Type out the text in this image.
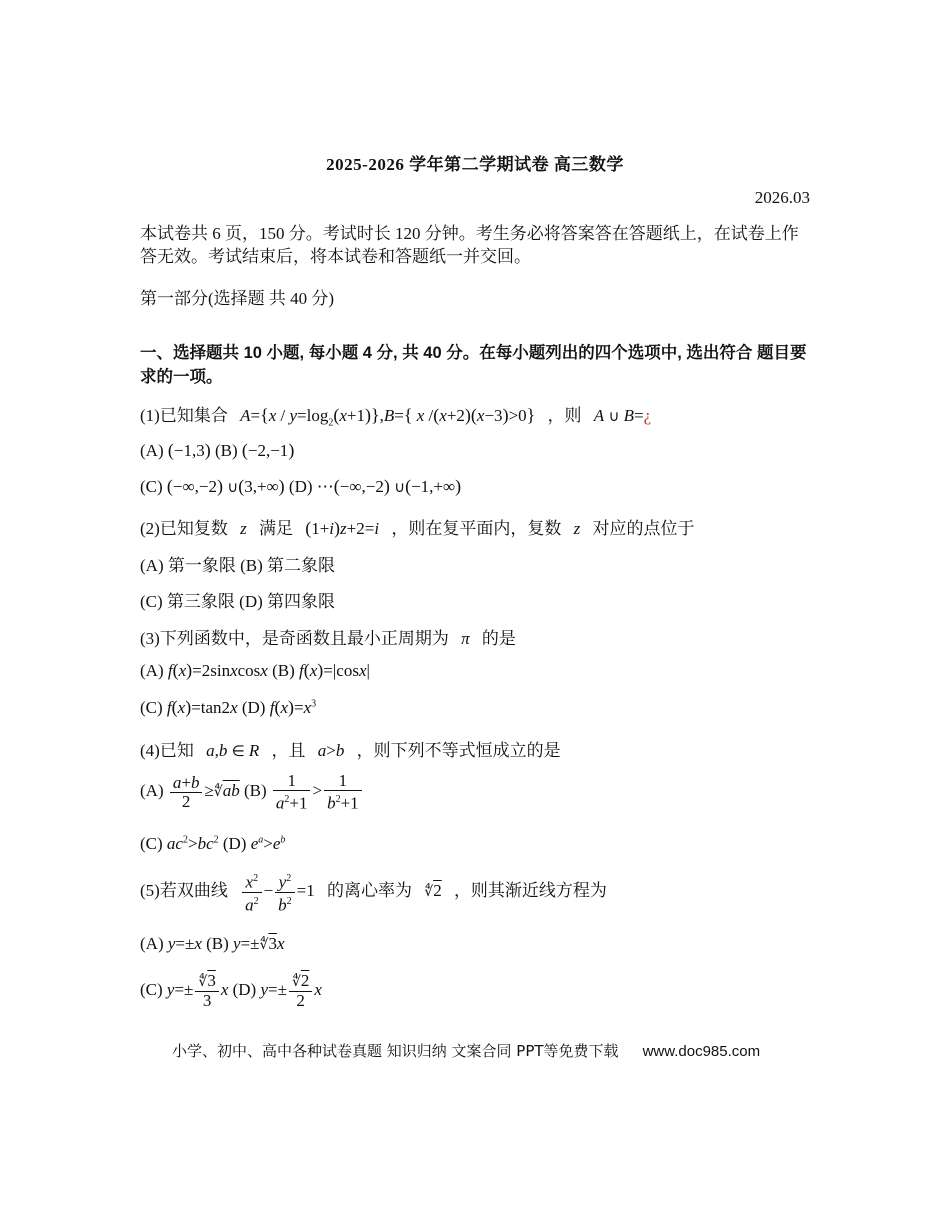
2025-2026 学年第二学期试卷 高三数学
2026.03
本试卷共 6 页，150 分。考试时长 120 分钟。考生务必将答案答在答题纸上，在试卷上作答无效。考试结束后，将本试卷和答题纸一并交回。
第一部分(选择题 共 40 分)
一、选择题共 10 小题, 每小题 4 分, 共 40 分。在每小题列出的四个选项中, 选出符合 题目要求的一项。
(1)已知集合 $A=\{x / y=\log_2(x+1)\},B=${ x /(x+2)(x−3)>0} ，则 A ∪ B=¿
(A) (−1,3) (B) (−2,−1)
(C) (−∞,−2) ∪(3,+∞) (D) ⋯(−∞,−2) ∪(−1,+∞)
(2)已知复数 z 满足 (1+i)z+2=i ，则在复平面内，复数 z 对应的点位于
(A) 第一象限 (B) 第二象限
(C) 第三象限 (D) 第四象限
(3)下列函数中，是奇函数且最小正周期为 π 的是
(A) f(x)=2sinxcosx (B) f(x)=|cosx|
(C) f(x)=tan2x (D) $f(x)=x^3$
(4)已知 a,b ∈ R ，且 a>b ，则下列不等式恒成立的是
$(A) \frac{a+b}{2}$ $\ge∜\overline{ab}$ $(B) \frac{1}{a^2+1} > \frac{1}{b^2+1}$
(C) $ac^2>bc^2$ (D) $e^a>e^b$
(5)若双曲线 $\frac{x^2}{a^2} - \frac{y^2}{b^2} =1$ 的离心率为 ∜2 ，则其渐近线方程为
(A) y=±x (B) y=±∜3x
(C) $y=\pm \frac{∜3}{3}$ x (D) $y=\pm \frac{∜2}{2}$ x
小学、初中、高中各种试卷真题 知识归纳 文案合同 PPT等免费下载 www.doc985.com
